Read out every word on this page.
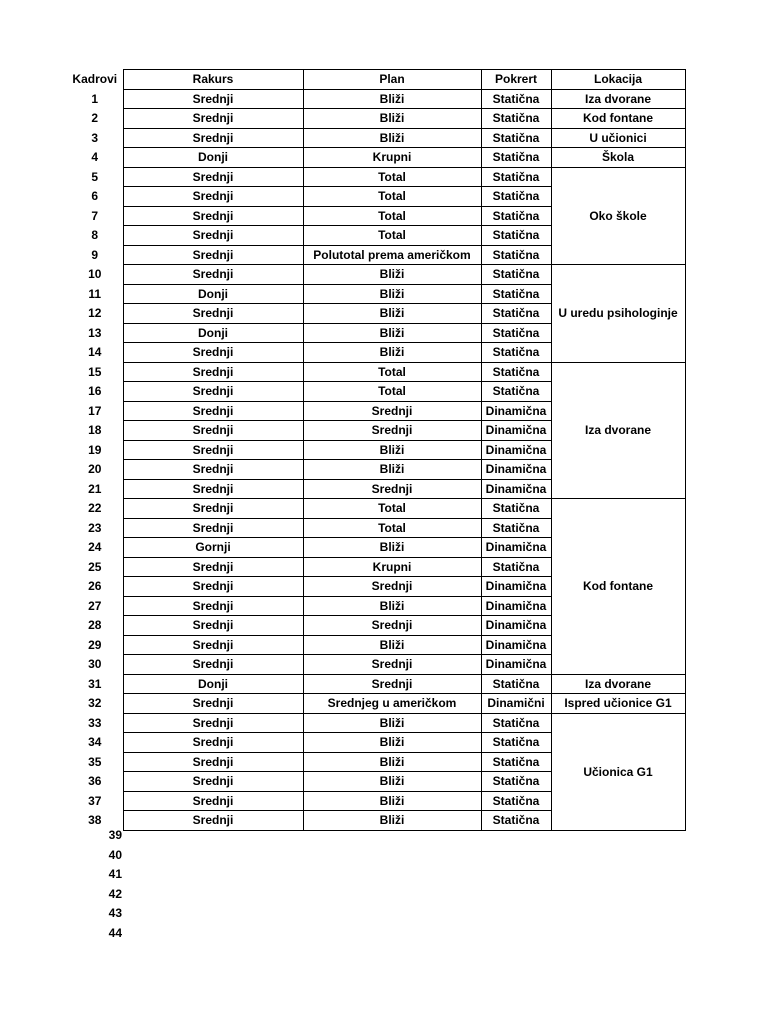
Kadrovi	Rakurs	Plan	Pokrert	Lokacija
1	Srednji	Bliži	Statična	Iza dvorane
2	Srednji	Bliži	Statična	Kod fontane
3	Srednji	Bliži	Statična	U učionici
4	Donji	Krupni	Statična	Škola
5	Srednji	Total	Statična	Oko škole
6	Srednji	Total	Statična	
7	Srednji	Total	Statična	
8	Srednji	Total	Statična	
9	Srednji	Polutotal prema američkom	Statična	
10	Srednji	Bliži	Statična	U uredu psihologinje
11	Donji	Bliži	Statična	
12	Srednji	Bliži	Statična	
13	Donji	Bliži	Statična	
14	Srednji	Bliži	Statična	
15	Srednji	Total	Statična	Iza dvorane
16	Srednji	Total	Statična	
17	Srednji	Srednji	Dinamična	
18	Srednji	Srednji	Dinamična	
19	Srednji	Bliži	Dinamična	
20	Srednji	Bliži	Dinamična	
21	Srednji	Srednji	Dinamična	
22	Srednji	Total	Statična	Kod fontane
23	Srednji	Total	Statična	
24	Gornji	Bliži	Dinamična	
25	Srednji	Krupni	Statična	
26	Srednji	Srednji	Dinamična	
27	Srednji	Bliži	Dinamična	
28	Srednji	Srednji	Dinamična	
29	Srednji	Bliži	Dinamična	
30	Srednji	Srednji	Dinamična	
31	Donji	Srednji	Statična	Iza dvorane
32	Srednji	Srednjeg u američkom	Dinamični	Ispred učionice G1
33	Srednji	Bliži	Statična	Učionica G1
34	Srednji	Bliži	Statična	
35	Srednji	Bliži	Statična	
36	Srednji	Bliži	Statična	
37	Srednji	Bliži	Statična	
38	Srednji	Bliži	Statična	
39
40
41
42
43
44
